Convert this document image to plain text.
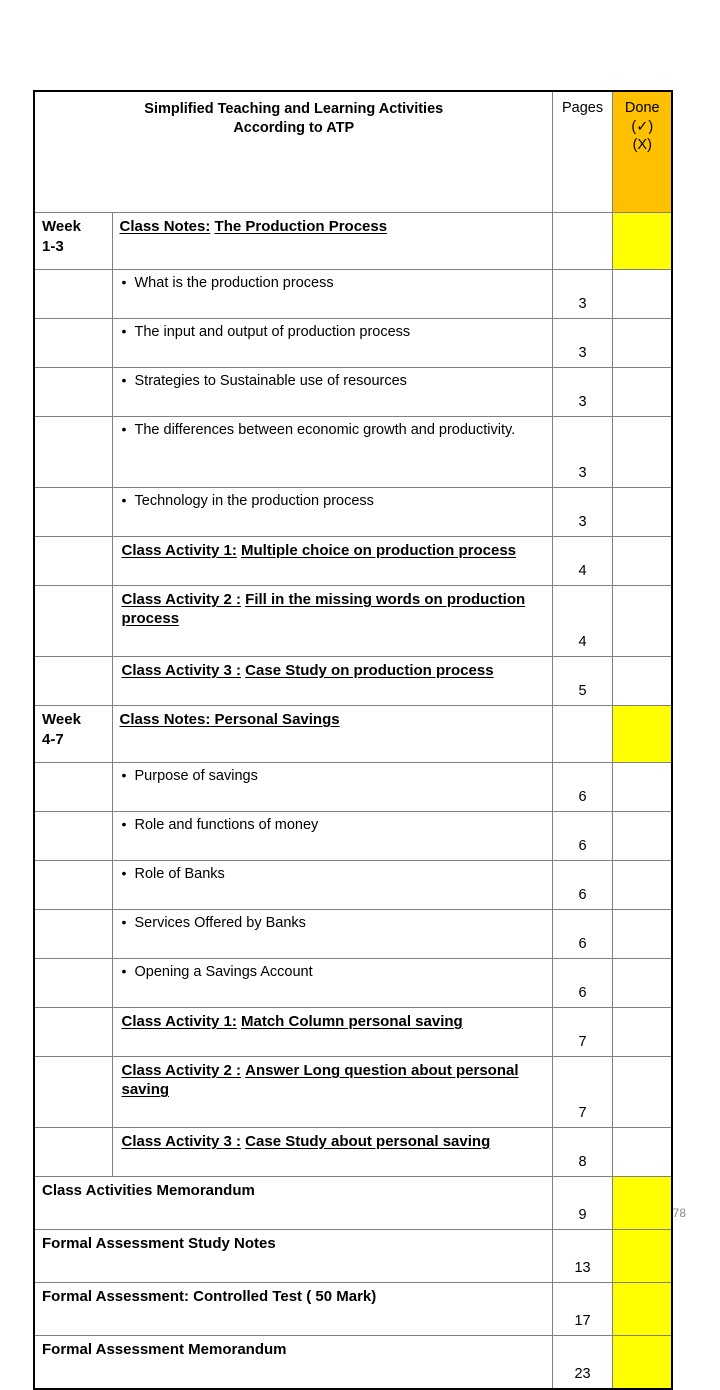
Simplified Teaching and Learning Activities
According to ATP

Pages	Done
(✓)
(X)

Week
1-3	Class Notes: The Production Process		

	• What is the production process	3	

	• The input and output of production process	3	

	• Strategies to Sustainable use of resources	3	

	• The differences between economic growth and productivity.	3	

	• Technology in the production process	3	
	Class Activity 1: Multiple choice on production process	4	
	Class Activity 2 : Fill in the missing words on production process	4	
	Class Activity 3 : Case Study on production process	5	

Week
4-7	Class Notes: Personal Savings		

	• Purpose of savings	6	

	• Role and functions of money	6	

	• Role of Banks	6	

	• Services Offered by Banks	6	

	• Opening a Savings Account	6	
	Class Activity 1: Match Column personal saving	7	
	Class Activity 2 : Answer Long question about personal saving	7	
	Class Activity 3 : Case Study about personal saving	8	
Class Activities Memorandum		9	
Formal Assessment Study Notes		13	
Formal Assessment: Controlled Test ( 50 Mark)		17	
Formal Assessment Memorandum		23	
78
